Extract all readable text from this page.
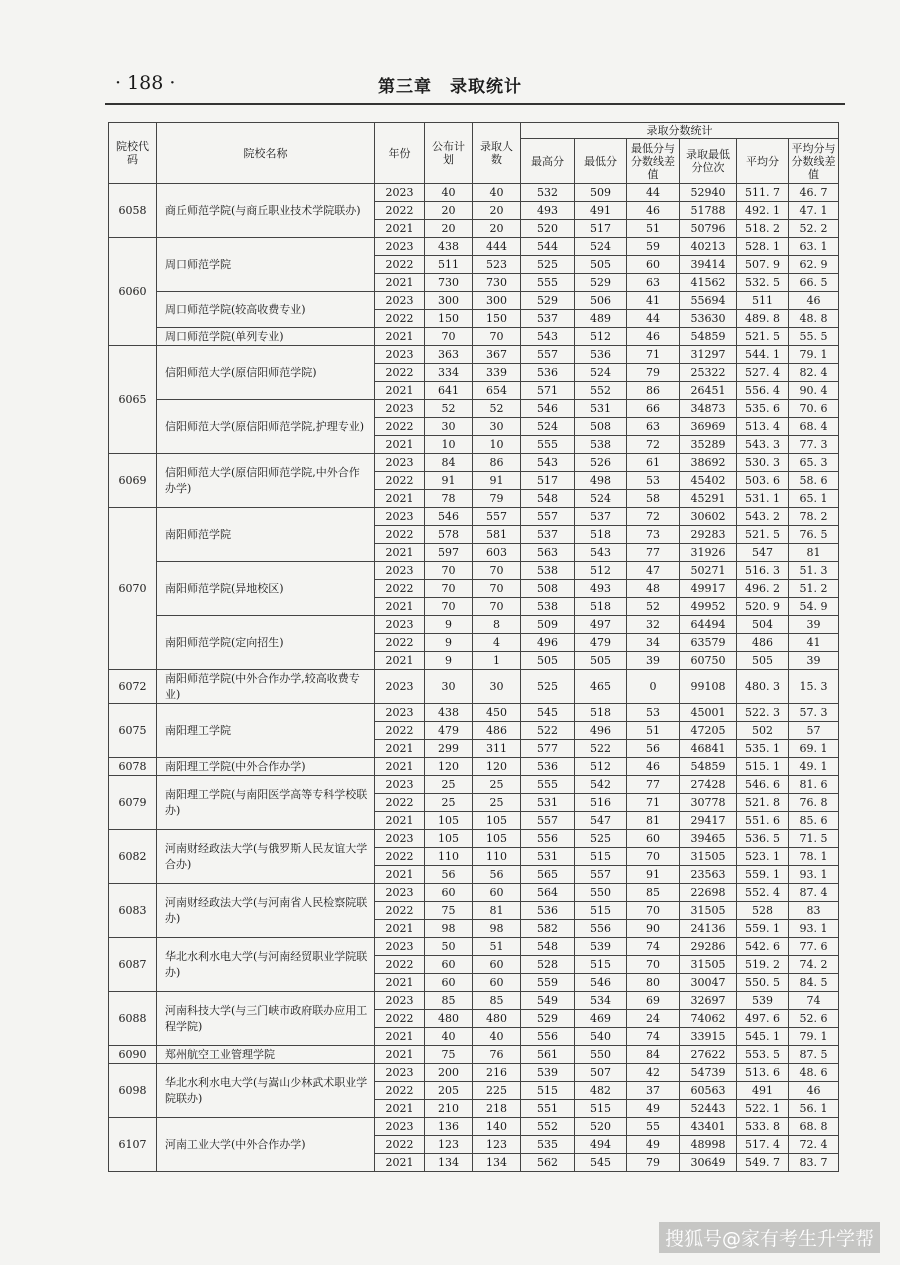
· 188 ·	第三章　录取统计
院校代码	院校名称	年份	公布计划	录取人数	录取分数统计					
					最高分	最低分	最低分与分数线差值	录取最低分位次	平均分	平均分与分数线差值
6058	商丘师范学院(与商丘职业技术学院联办)	2023	40	40	532	509	44	52940	511. 7	46. 7
		2022	20	20	493	491	46	51788	492. 1	47. 1
		2021	20	20	520	517	51	50796	518. 2	52. 2
6060	周口师范学院	2023	438	444	544	524	59	40213	528. 1	63. 1
		2022	511	523	525	505	60	39414	507. 9	62. 9
		2021	730	730	555	529	63	41562	532. 5	66. 5
	周口师范学院(较高收费专业)	2023	300	300	529	506	41	55694	511	46
		2022	150	150	537	489	44	53630	489. 8	48. 8
	周口师范学院(单列专业)	2021	70	70	543	512	46	54859	521. 5	55. 5
6065	信阳师范大学(原信阳师范学院)	2023	363	367	557	536	71	31297	544. 1	79. 1
		2022	334	339	536	524	79	25322	527. 4	82. 4
		2021	641	654	571	552	86	26451	556. 4	90. 4
	信阳师范大学(原信阳师范学院,护理专业)	2023	52	52	546	531	66	34873	535. 6	70. 6
		2022	30	30	524	508	63	36969	513. 4	68. 4
		2021	10	10	555	538	72	35289	543. 3	77. 3
6069	信阳师范大学(原信阳师范学院,中外合作办学)	2023	84	86	543	526	61	38692	530. 3	65. 3
		2022	91	91	517	498	53	45402	503. 6	58. 6
		2021	78	79	548	524	58	45291	531. 1	65. 1
6070	南阳师范学院	2023	546	557	557	537	72	30602	543. 2	78. 2
		2022	578	581	537	518	73	29283	521. 5	76. 5
		2021	597	603	563	543	77	31926	547	81
	南阳师范学院(异地校区)	2023	70	70	538	512	47	50271	516. 3	51. 3
		2022	70	70	508	493	48	49917	496. 2	51. 2
		2021	70	70	538	518	52	49952	520. 9	54. 9
	南阳师范学院(定向招生)	2023	9	8	509	497	32	64494	504	39
		2022	9	4	496	479	34	63579	486	41
		2021	9	1	505	505	39	60750	505	39
6072	南阳师范学院(中外合作办学,较高收费专业)	2023	30	30	525	465	0	99108	480. 3	15. 3
6075	南阳理工学院	2023	438	450	545	518	53	45001	522. 3	57. 3
		2022	479	486	522	496	51	47205	502	57
		2021	299	311	577	522	56	46841	535. 1	69. 1
6078	南阳理工学院(中外合作办学)	2021	120	120	536	512	46	54859	515. 1	49. 1
6079	南阳理工学院(与南阳医学高等专科学校联办)	2023	25	25	555	542	77	27428	546. 6	81. 6
		2022	25	25	531	516	71	30778	521. 8	76. 8
		2021	105	105	557	547	81	29417	551. 6	85. 6
6082	河南财经政法大学(与俄罗斯人民友谊大学合办)	2023	105	105	556	525	60	39465	536. 5	71. 5
		2022	110	110	531	515	70	31505	523. 1	78. 1
		2021	56	56	565	557	91	23563	559. 1	93. 1
6083	河南财经政法大学(与河南省人民检察院联办)	2023	60	60	564	550	85	22698	552. 4	87. 4
		2022	75	81	536	515	70	31505	528	83
		2021	98	98	582	556	90	24136	559. 1	93. 1
6087	华北水利水电大学(与河南经贸职业学院联办)	2023	50	51	548	539	74	29286	542. 6	77. 6
		2022	60	60	528	515	70	31505	519. 2	74. 2
		2021	60	60	559	546	80	30047	550. 5	84. 5
6088	河南科技大学(与三门峡市政府联办应用工程学院)	2023	85	85	549	534	69	32697	539	74
		2022	480	480	529	469	24	74062	497. 6	52. 6
		2021	40	40	556	540	74	33915	545. 1	79. 1
6090	郑州航空工业管理学院	2021	75	76	561	550	84	27622	553. 5	87. 5
6098	华北水利水电大学(与嵩山少林武术职业学院联办)	2023	200	216	539	507	42	54739	513. 6	48. 6
		2022	205	225	515	482	37	60563	491	46
		2021	210	218	551	515	49	52443	522. 1	56. 1
6107	河南工业大学(中外合作办学)	2023	136	140	552	520	55	43401	533. 8	68. 8
		2022	123	123	535	494	49	48998	517. 4	72. 4
		2021	134	134	562	545	79	30649	549. 7	83. 7
搜狐号@家有考生升学帮
